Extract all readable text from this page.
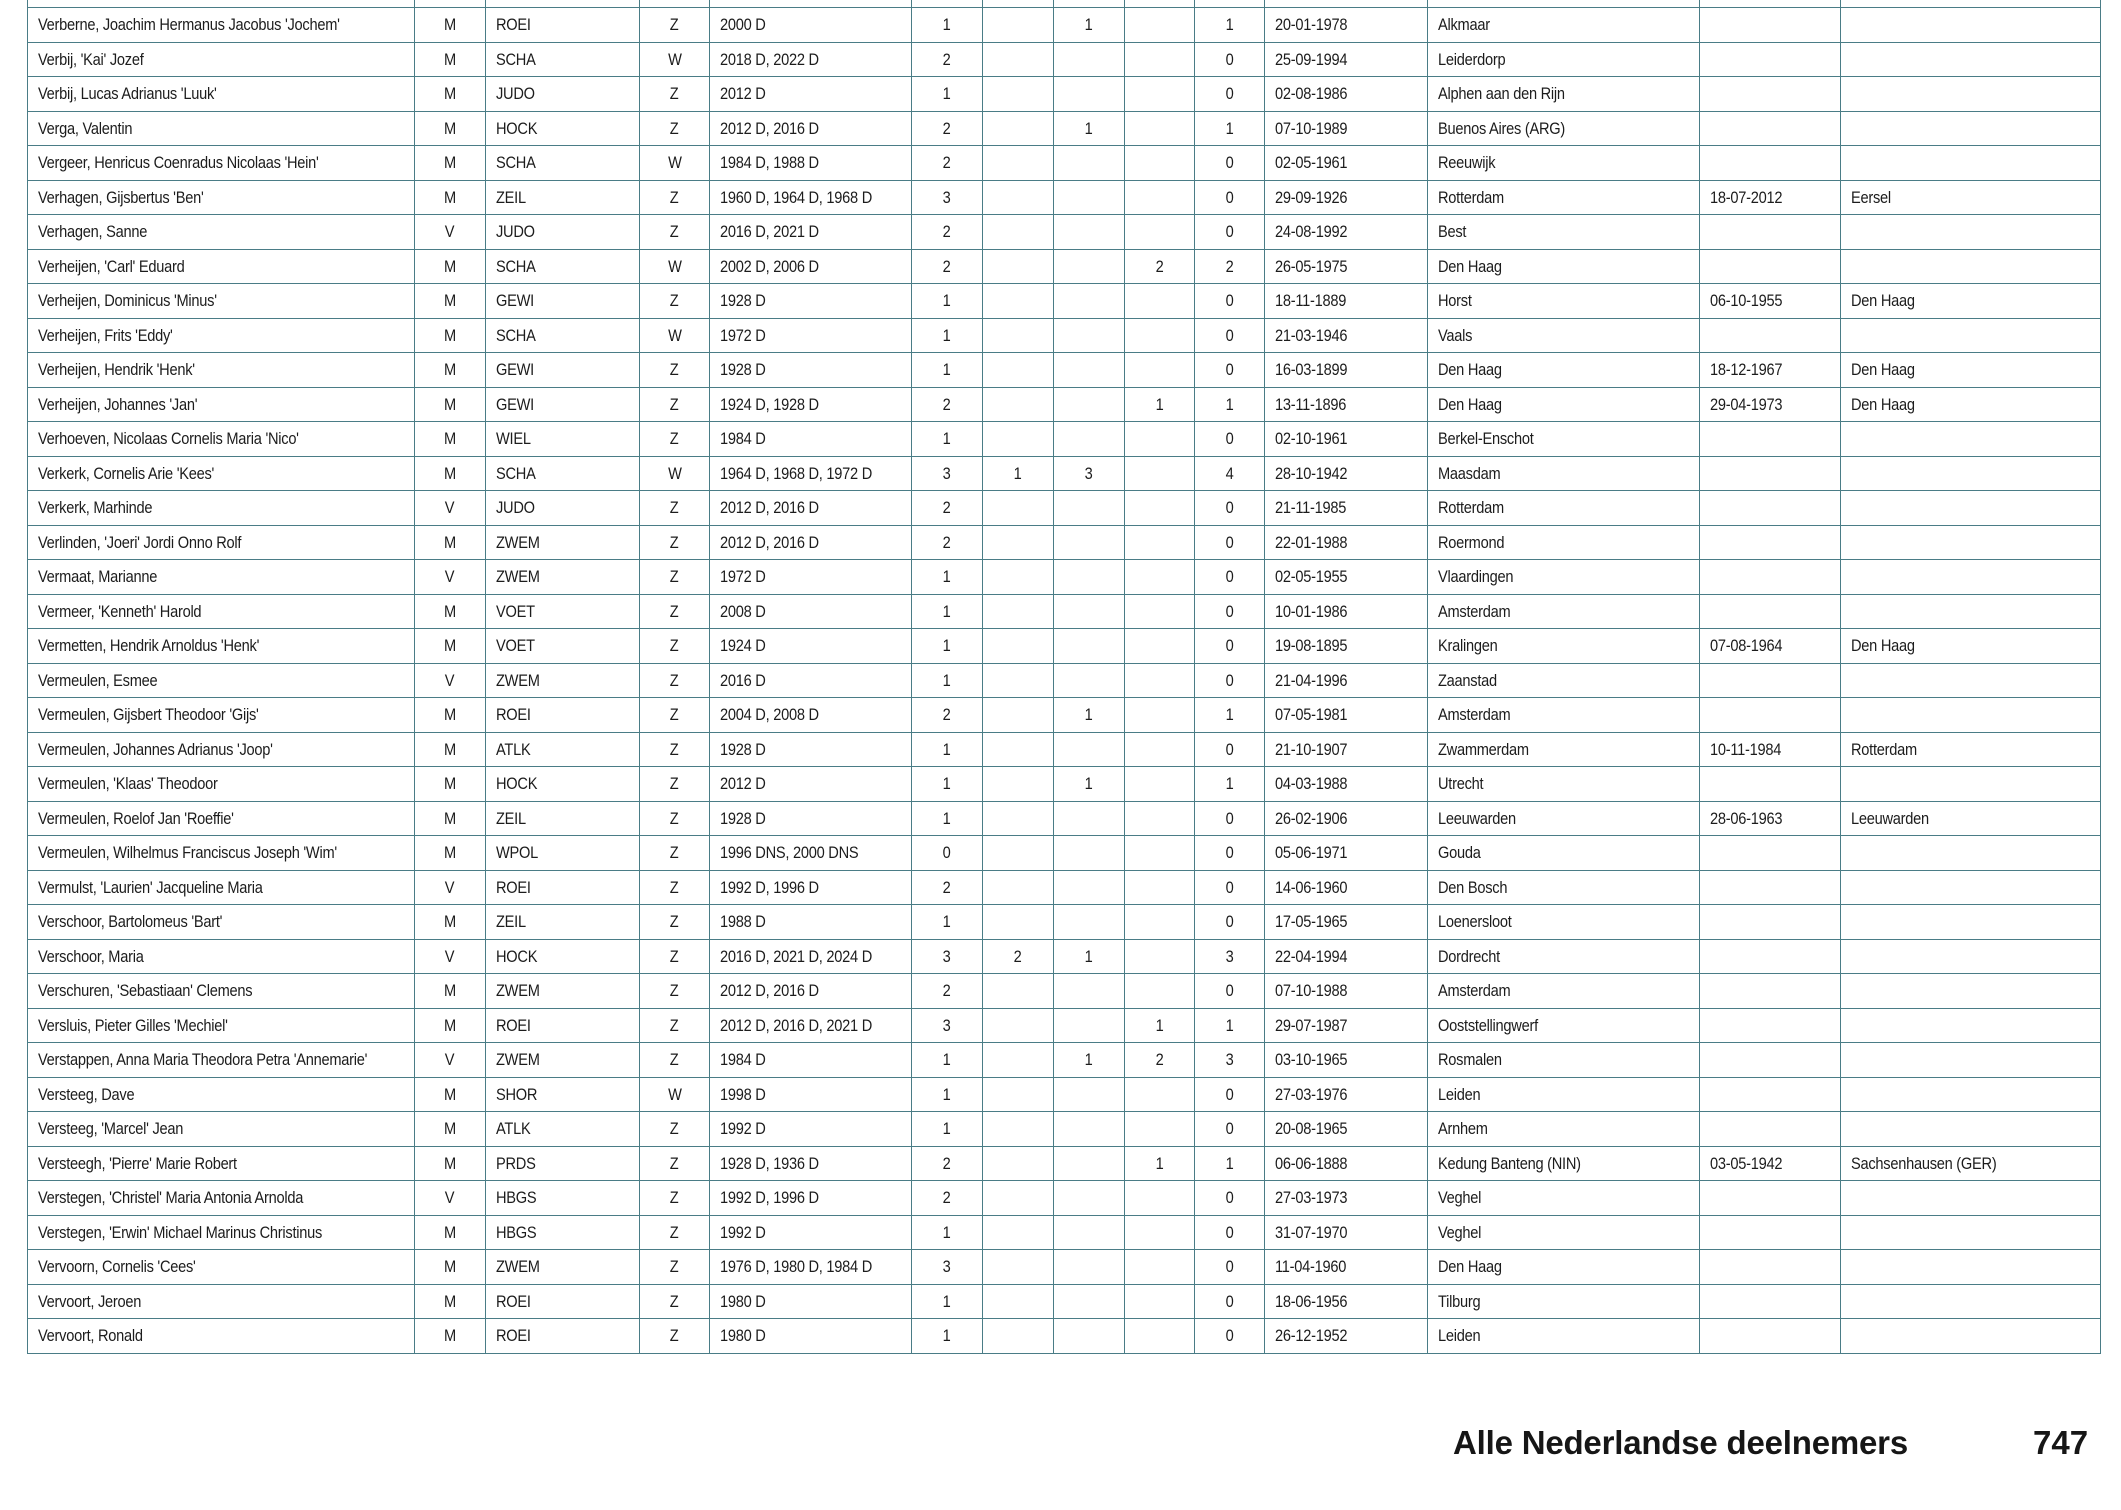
Verberne, Joachim Hermanus Jacobus 'Jochem'	M	ROEI	Z	2000 D	1		1		1	20-01-1978	Alkmaar		
Verbij, 'Kai' Jozef	M	SCHA	W	2018 D, 2022 D	2				0	25-09-1994	Leiderdorp		
Verbij, Lucas Adrianus 'Luuk'	M	JUDO	Z	2012 D	1				0	02-08-1986	Alphen aan den Rijn		
Verga, Valentin	M	HOCK	Z	2012 D, 2016 D	2		1		1	07-10-1989	Buenos Aires (ARG)		
Vergeer, Henricus Coenradus Nicolaas 'Hein'	M	SCHA	W	1984 D, 1988 D	2				0	02-05-1961	Reeuwijk		
Verhagen, Gijsbertus 'Ben'	M	ZEIL	Z	1960 D, 1964 D, 1968 D	3				0	29-09-1926	Rotterdam	18-07-2012	Eersel
Verhagen, Sanne	V	JUDO	Z	2016 D, 2021 D	2				0	24-08-1992	Best		
Verheijen, 'Carl' Eduard	M	SCHA	W	2002 D, 2006 D	2			2	2	26-05-1975	Den Haag		
Verheijen, Dominicus 'Minus'	M	GEWI	Z	1928 D	1				0	18-11-1889	Horst	06-10-1955	Den Haag
Verheijen, Frits 'Eddy'	M	SCHA	W	1972 D	1				0	21-03-1946	Vaals		
Verheijen, Hendrik 'Henk'	M	GEWI	Z	1928 D	1				0	16-03-1899	Den Haag	18-12-1967	Den Haag
Verheijen, Johannes 'Jan'	M	GEWI	Z	1924 D, 1928 D	2			1	1	13-11-1896	Den Haag	29-04-1973	Den Haag
Verhoeven, Nicolaas Cornelis Maria 'Nico'	M	WIEL	Z	1984 D	1				0	02-10-1961	Berkel-Enschot		
Verkerk, Cornelis Arie 'Kees'	M	SCHA	W	1964 D, 1968 D, 1972 D	3	1	3		4	28-10-1942	Maasdam		
Verkerk, Marhinde	V	JUDO	Z	2012 D, 2016 D	2				0	21-11-1985	Rotterdam		
Verlinden, 'Joeri' Jordi Onno Rolf	M	ZWEM	Z	2012 D, 2016 D	2				0	22-01-1988	Roermond		
Vermaat, Marianne	V	ZWEM	Z	1972 D	1				0	02-05-1955	Vlaardingen		
Vermeer, 'Kenneth' Harold	M	VOET	Z	2008 D	1				0	10-01-1986	Amsterdam		
Vermetten, Hendrik Arnoldus 'Henk'	M	VOET	Z	1924 D	1				0	19-08-1895	Kralingen	07-08-1964	Den Haag
Vermeulen, Esmee	V	ZWEM	Z	2016 D	1				0	21-04-1996	Zaanstad		
Vermeulen, Gijsbert Theodoor 'Gijs'	M	ROEI	Z	2004 D, 2008 D	2		1		1	07-05-1981	Amsterdam		
Vermeulen, Johannes Adrianus 'Joop'	M	ATLK	Z	1928 D	1				0	21-10-1907	Zwammerdam	10-11-1984	Rotterdam
Vermeulen, 'Klaas' Theodoor	M	HOCK	Z	2012 D	1		1		1	04-03-1988	Utrecht		
Vermeulen, Roelof Jan 'Roeffie'	M	ZEIL	Z	1928 D	1				0	26-02-1906	Leeuwarden	28-06-1963	Leeuwarden
Vermeulen, Wilhelmus Franciscus Joseph 'Wim'	M	WPOL	Z	1996 DNS, 2000 DNS	0				0	05-06-1971	Gouda		
Vermulst, 'Laurien' Jacqueline Maria	V	ROEI	Z	1992 D, 1996 D	2				0	14-06-1960	Den Bosch		
Verschoor, Bartolomeus 'Bart'	M	ZEIL	Z	1988 D	1				0	17-05-1965	Loenersloot		
Verschoor, Maria	V	HOCK	Z	2016 D, 2021 D, 2024 D	3	2	1		3	22-04-1994	Dordrecht		
Verschuren, 'Sebastiaan' Clemens	M	ZWEM	Z	2012 D, 2016 D	2				0	07-10-1988	Amsterdam		
Versluis, Pieter Gilles 'Mechiel'	M	ROEI	Z	2012 D, 2016 D, 2021 D	3			1	1	29-07-1987	Ooststellingwerf		
Verstappen, Anna Maria Theodora Petra 'Annemarie'	V	ZWEM	Z	1984 D	1		1	2	3	03-10-1965	Rosmalen		
Versteeg, Dave	M	SHOR	W	1998 D	1				0	27-03-1976	Leiden		
Versteeg, 'Marcel' Jean	M	ATLK	Z	1992 D	1				0	20-08-1965	Arnhem		
Versteegh, 'Pierre' Marie Robert	M	PRDS	Z	1928 D, 1936 D	2			1	1	06-06-1888	Kedung Banteng (NIN)	03-05-1942	Sachsenhausen (GER)
Verstegen, 'Christel' Maria Antonia Arnolda	V	HBGS	Z	1992 D, 1996 D	2				0	27-03-1973	Veghel		
Verstegen, 'Erwin' Michael Marinus Christinus	M	HBGS	Z	1992 D	1				0	31-07-1970	Veghel		
Vervoorn, Cornelis 'Cees'	M	ZWEM	Z	1976 D, 1980 D, 1984 D	3				0	11-04-1960	Den Haag		
Vervoort, Jeroen	M	ROEI	Z	1980 D	1				0	18-06-1956	Tilburg		
Vervoort, Ronald	M	ROEI	Z	1980 D	1				0	26-12-1952	Leiden		
Alle Nederlandse deelnemers	747
